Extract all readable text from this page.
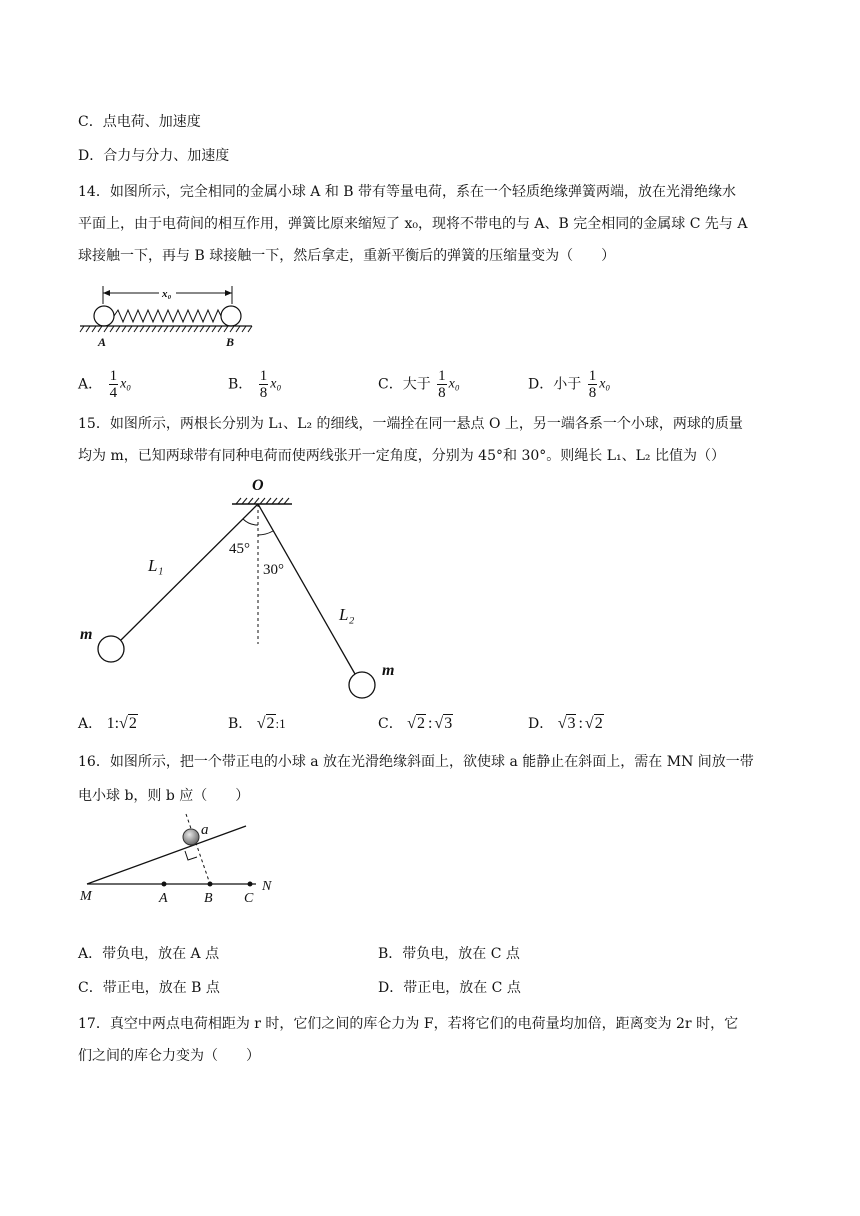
C．点电荷、加速度
D．合力与分力、加速度
14．如图所示，完全相同的金属小球 A 和 B 带有等量电荷，系在一个轻质绝缘弹簧两端，放在光滑绝缘水
平面上，由于电荷间的相互作用，弹簧比原来缩短了 x₀，现将不带电的与 A、B 完全相同的金属球 C 先与 A
球接触一下，再与 B 球接触一下，然后拿走，重新平衡后的弹簧的压缩量变为（　　）
x₀
A	B
A． $\frac{1}{4} x_0$	B． $\frac{1}{8} x_0$	C．大于 $\frac{1}{8} x_0$	D．小于 $\frac{1}{8} x_0$
15．如图所示，两根长分别为 L₁、L₂ 的细线，一端拴在同一悬点 O 上，另一端各系一个小球，两球的质量
均为 m，已知两球带有同种电荷而使两线张开一定角度，分别为 45°和 30°。则绳长 L₁、L₂ 比值为（）
O
45°
30°
L₁
L₂
m
m
A． 1:√2	B． √2:1	C． √2 : √3	D． √3 : √2
16．如图所示，把一个带正电的小球 a 放在光滑绝缘斜面上，欲使球 a 能静止在斜面上，需在 MN 间放一带
电小球 b，则 b 应（　　）
a
M	A	B C
N
A．带负电，放在 A 点	B．带负电，放在 C 点
C．带正电，放在 B 点	D．带正电，放在 C 点
17．真空中两点电荷相距为 r 时，它们之间的库仑力为 F，若将它们的电荷量均加倍，距离变为 2r 时，它
们之间的库仑力变为（　　）
